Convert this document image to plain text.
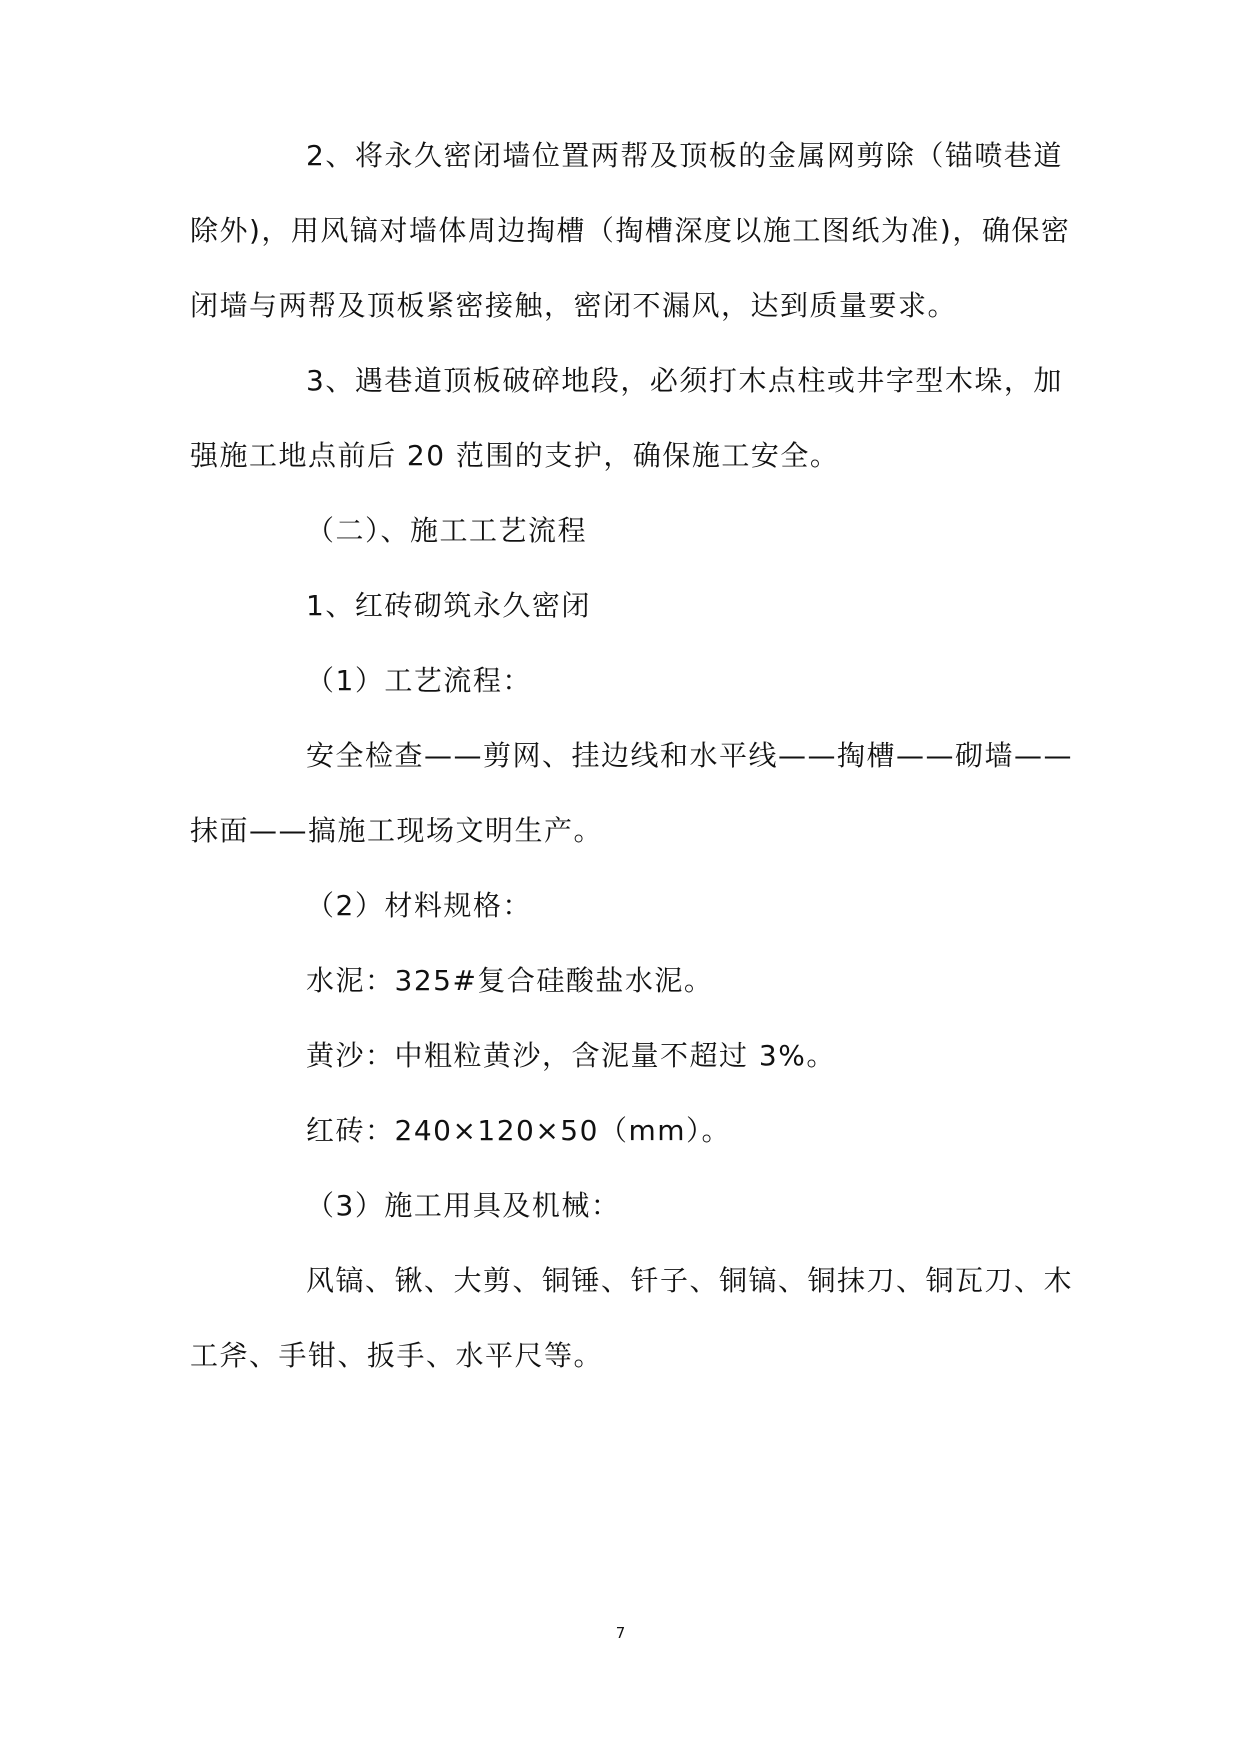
2、将永久密闭墙位置两帮及顶板的金属网剪除（锚喷巷道
除外)，用风镐对墙体周边掏槽（掏槽深度以施工图纸为准)，确保密
闭墙与两帮及顶板紧密接触，密闭不漏风，达到质量要求。
3、遇巷道顶板破碎地段，必须打木点柱或井字型木垛，加
强施工地点前后 20 范围的支护，确保施工安全。
（二）、施工工艺流程
1、红砖砌筑永久密闭
（1）工艺流程：
安全检查——剪网、挂边线和水平线——掏槽——砌墙——
抹面——搞施工现场文明生产。
（2）材料规格：
水泥：325#复合硅酸盐水泥。
黄沙：中粗粒黄沙，含泥量不超过 3%。
红砖：240×120×50（mm）。
（3）施工用具及机械：
风镐、锹、大剪、铜锤、钎子、铜镐、铜抹刀、铜瓦刀、木
工斧、手钳、扳手、水平尺等。
7
